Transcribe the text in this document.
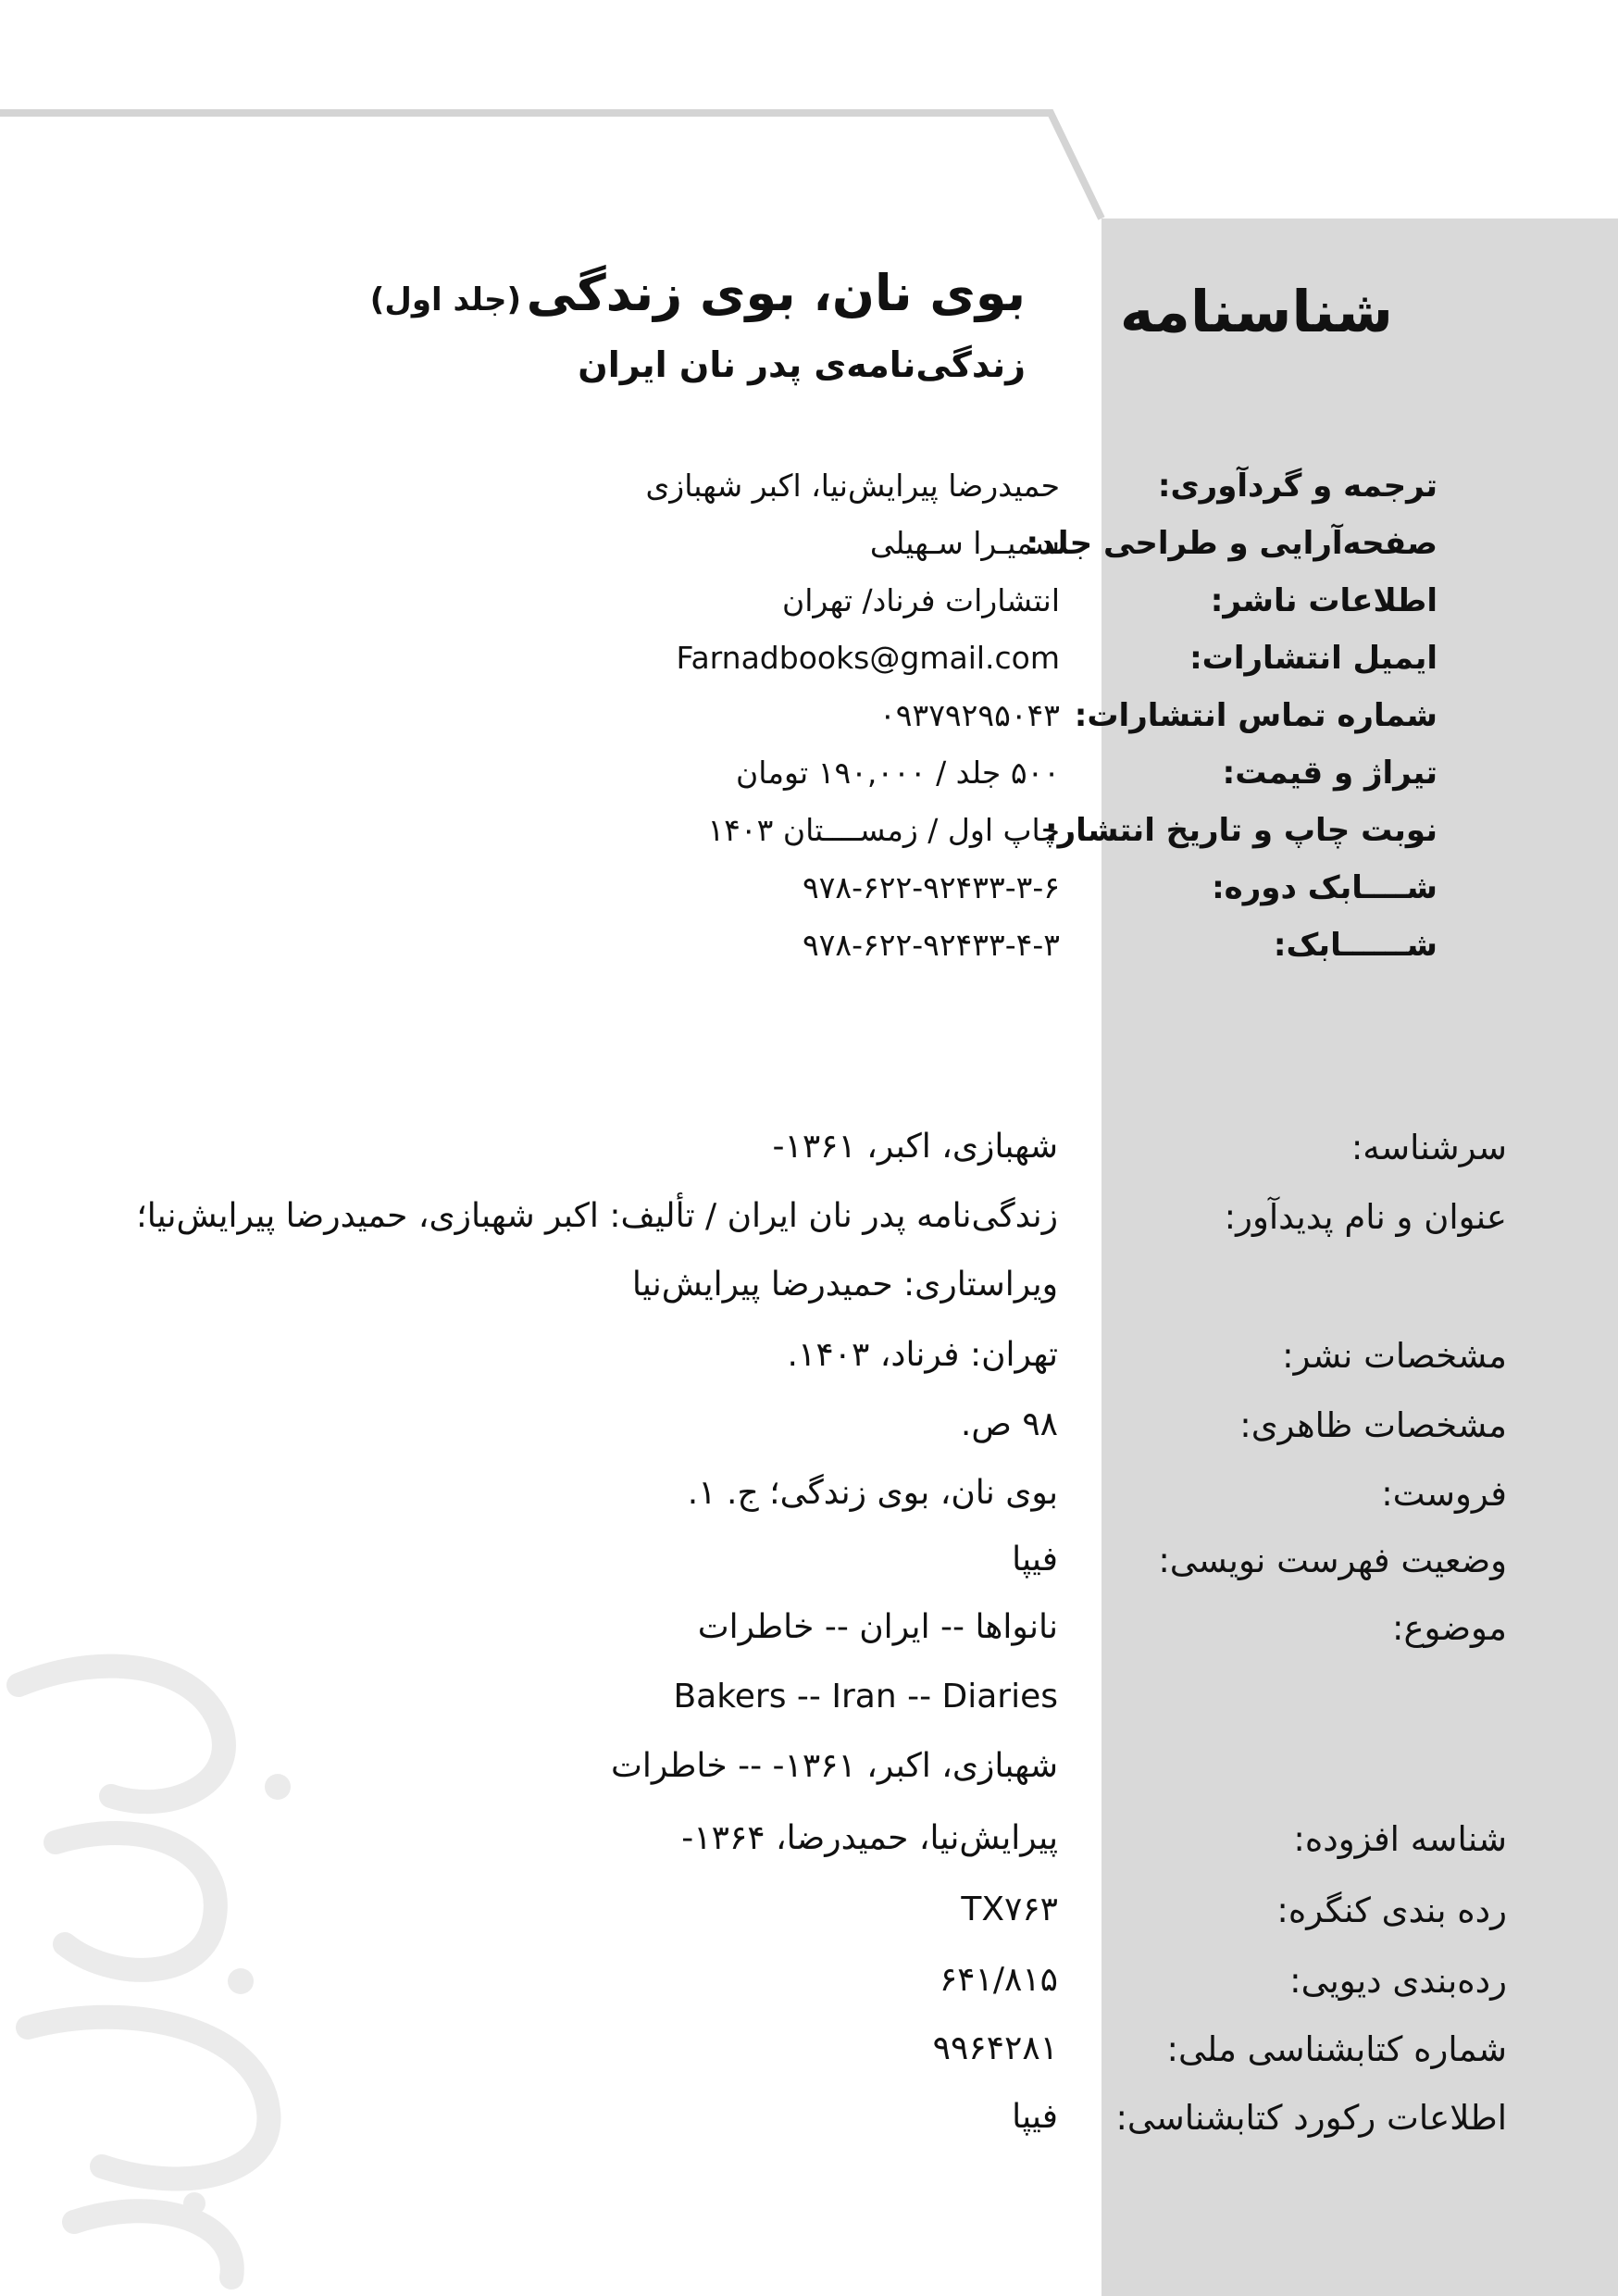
شناسنامه
بوی نان، بوی زندگی (جلد اول)
زندگی‌نامه‌ی پدر نان ایران
ترجمه و گردآوری:
حمیدرضا پیرایش‌نیا، اکبر شهبازی
صفحه‌آرایی و طراحی جلد:
سمیـرا سـهیلی
اطلاعات ناشر:
انتشارات فرناد/ تهران
ایمیل انتشارات:
Farnadbooks@gmail.com
شماره تماس انتشارات:
۰۹۳۷۹۲۹۵۰۴۳
تیراژ و قیمت:
۵۰۰ جلد / ۱۹۰,۰۰۰ تومان
نوبت چاپ و تاریخ انتشار:
چاپ اول / زمســــتان ۱۴۰۳
شــــابک دوره:
۹۷۸-۶۲۲-۹۲۴۳۳-۳-۶
شــــــابک:
۹۷۸-۶۲۲-۹۲۴۳۳-۴-۳
سرشناسه:
شهبازی، اکبر، ۱۳۶۱-
عنوان و نام پدیدآور:
زندگی‌نامه پدر نان ایران / تألیف: اکبر شهبازی، حمیدرضا پیرایش‌نیا؛
ویراستاری: حمیدرضا پیرایش‌نیا
مشخصات نشر:
تهران: فرناد، ۱۴۰۳.
مشخصات ظاهری:
۹۸ ص.
فروست:
بوی نان، بوی زندگی؛ ج. ۱.
وضعیت فهرست نویسی:
فیپا
موضوع:
نانواها -- ایران -- خاطرات
Bakers -- Iran -- Diaries
شهبازی، اکبر، ۱۳۶۱- -- خاطرات
شناسه افزوده:
پیرایش‌نیا، حمیدرضا، ۱۳۶۴-
رده بندی کنگره:
TX۷۶۳
رده‌بندی دیویی:
۶۴۱/۸۱۵
شماره کتابشناسی ملی:
۹۹۶۴۲۸۱
اطلاعات رکورد کتابشناسی:
فیپا
